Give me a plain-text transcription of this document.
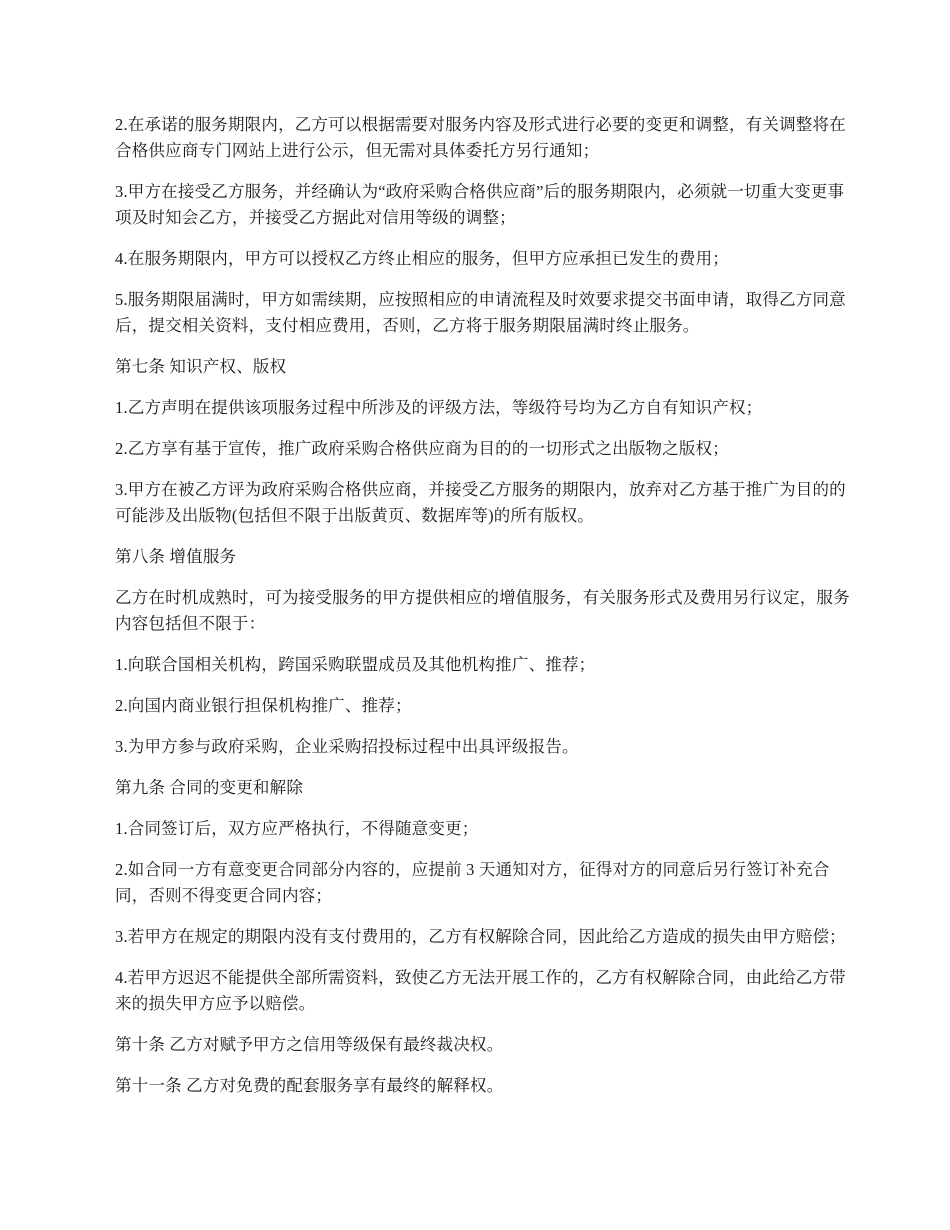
2.在承诺的服务期限内，乙方可以根据需要对服务内容及形式进行必要的变更和调整，有关调整将在合格供应商专门网站上进行公示，但无需对具体委托方另行通知；

3.甲方在接受乙方服务，并经确认为“政府采购合格供应商”后的服务期限内，必须就一切重大变更事项及时知会乙方，并接受乙方据此对信用等级的调整；

4.在服务期限内，甲方可以授权乙方终止相应的服务，但甲方应承担已发生的费用；

5.服务期限届满时，甲方如需续期，应按照相应的申请流程及时效要求提交书面申请，取得乙方同意后，提交相关资料，支付相应费用，否则，乙方将于服务期限届满时终止服务。

第七条 知识产权、版权

1.乙方声明在提供该项服务过程中所涉及的评级方法，等级符号均为乙方自有知识产权；

2.乙方享有基于宣传，推广政府采购合格供应商为目的的一切形式之出版物之版权；

3.甲方在被乙方评为政府采购合格供应商，并接受乙方服务的期限内，放弃对乙方基于推广为目的的可能涉及出版物(包括但不限于出版黄页、数据库等)的所有版权。

第八条 增值服务

乙方在时机成熟时，可为接受服务的甲方提供相应的增值服务，有关服务形式及费用另行议定，服务内容包括但不限于：

1.向联合国相关机构，跨国采购联盟成员及其他机构推广、推荐；

2.向国内商业银行担保机构推广、推荐；

3.为甲方参与政府采购，企业采购招投标过程中出具评级报告。

第九条 合同的变更和解除

1.合同签订后，双方应严格执行，不得随意变更；

2.如合同一方有意变更合同部分内容的，应提前 3 天通知对方，征得对方的同意后另行签订补充合同，否则不得变更合同内容；

3.若甲方在规定的期限内没有支付费用的，乙方有权解除合同，因此给乙方造成的损失由甲方赔偿；

4.若甲方迟迟不能提供全部所需资料，致使乙方无法开展工作的，乙方有权解除合同，由此给乙方带来的损失甲方应予以赔偿。

第十条 乙方对赋予甲方之信用等级保有最终裁决权。

第十一条 乙方对免费的配套服务享有最终的解释权。
